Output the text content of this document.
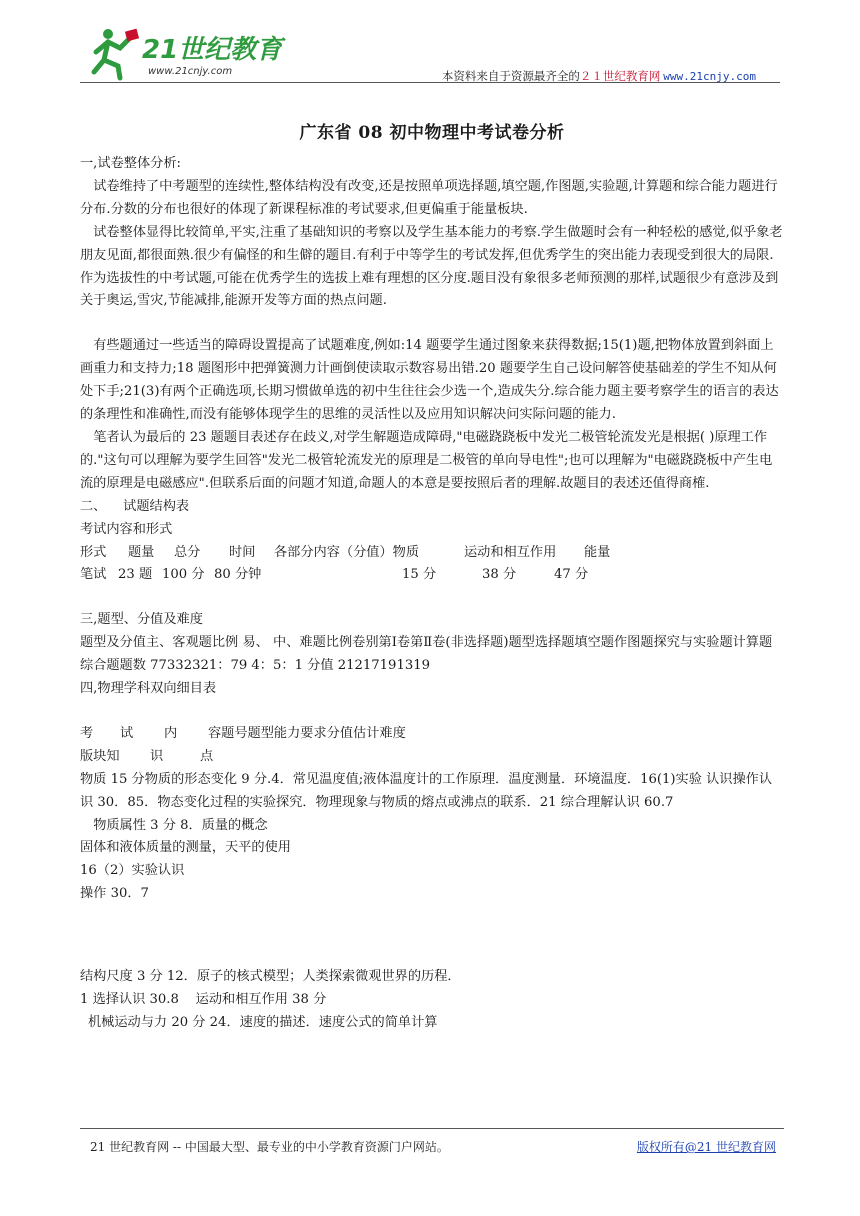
21世纪教育
www.21cnjy.com	本资料来自于资源最齐全的２１世纪教育网 www.21cnjy.com
广东省 08 初中物理中考试卷分析

一,试卷整体分析:

试卷维持了中考题型的连续性,整体结构没有改变,还是按照单项选择题,填空题,作图题,实验题,计算题和综合能力题进行分布.分数的分布也很好的体现了新课程标准的考试要求,但更偏重于能量板块.

试卷整体显得比较简单,平实,注重了基础知识的考察以及学生基本能力的考察.学生做题时会有一种轻松的感觉,似乎象老朋友见面,都很面熟.很少有偏怪的和生僻的题目.有利于中等学生的考试发挥,但优秀学生的突出能力表现受到很大的局限.作为选拔性的中考试题,可能在优秀学生的选拔上难有理想的区分度.题目没有象很多老师预测的那样,试题很少有意涉及到关于奥运,雪灾,节能减排,能源开发等方面的热点问题.

有些题通过一些适当的障碍设置提高了试题难度,例如:14 题要学生通过图象来获得数据;15(1)题,把物体放置到斜面上画重力和支持力;18 题图形中把弹簧测力计画倒使读取示数容易出错.20 题要学生自己设问解答使基础差的学生不知从何处下手;21(3)有两个正确选项,长期习惯做单选的初中生往往会少选一个,造成失分.综合能力题主要考察学生的语言的表达的条理性和准确性,而没有能够体现学生的思维的灵活性以及应用知识解决问实际问题的能力.

笔者认为最后的 23 题题目表述存在歧义,对学生解题造成障碍,"电磁跷跷板中发光二极管轮流发光是根据( )原理工作的."这句可以理解为要学生回答"发光二极管轮流发光的原理是二极管的单向导电性";也可以理解为"电磁跷跷板中产生电流的原理是电磁感应".但联系后面的问题才知道,命题人的本意是要按照后者的理解.故题目的表述还值得商榷.

二、    试题结构表

考试内容和形式

形式	题量	总分	时间	各部分内容（分值）物质	运动和相互作用	能量
笔试 23 题 100 分 80 分钟	15 分	38 分	47 分

三,题型、分值及难度

题型及分值主、客观题比例 易、 中、难题比例卷别第Ⅰ卷第Ⅱ卷(非选择题)题型选择题填空题作图题探究与实验题计算题综合题题数 77332321：79 4：5：1 分值 21217191319

四,物理学科双向细目表

考	试	内	容题号题型能力要求分值估计难度
版块知	识	点

物质 15 分物质的形态变化 9 分.4．常见温度值;液体温度计的工作原理．温度测量．环境温度．16(1)实验 认识操作认识 30．85．物态变化过程的实验探究．物理现象与物质的熔点或沸点的联系．21 综合理解认识 60.7

物质属性 3 分 8．质量的概念

固体和液体质量的测量，天平的使用

16（2）实验认识

操作 30．7

结构尺度 3 分 12．原子的核式模型；人类探索微观世界的历程．

1 选择认识 30.8    运动和相互作用 38 分

机械运动与力 20 分 24．速度的描述．速度公式的简单计算

21 世纪教育网 -- 中国最大型、最专业的中小学教育资源门户网站。	版权所有@21 世纪教育网
